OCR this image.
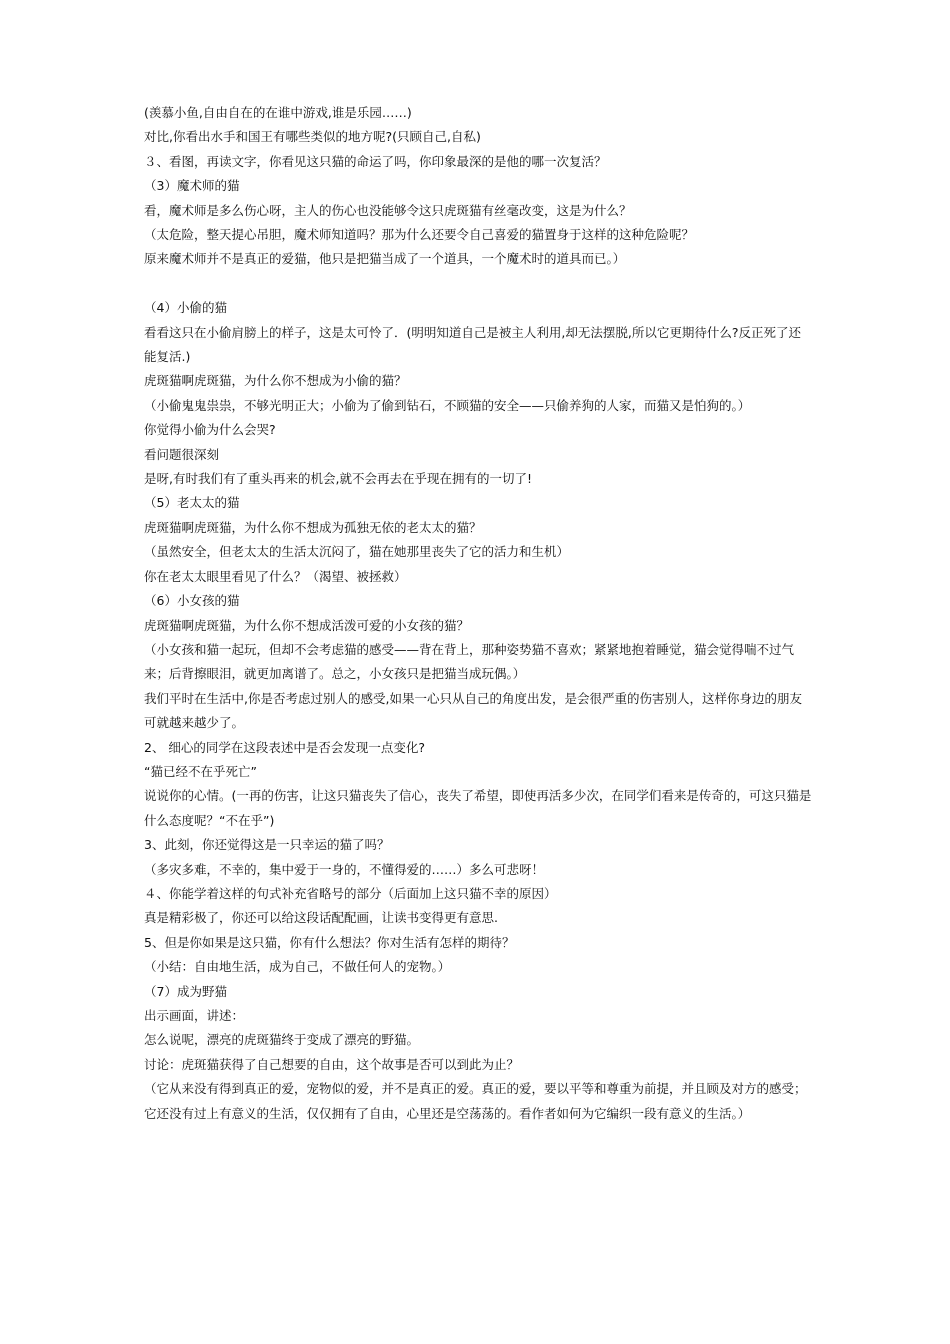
(羡慕小鱼,自由自在的在谁中游戏,谁是乐园……)

对比,你看出水手和国王有哪些类似的地方呢?(只顾自己,自私)

３、看图，再读文字，你看见这只猫的命运了吗，你印象最深的是他的哪一次复活？

（3）魔术师的猫

看，魔术师是多么伤心呀，主人的伤心也没能够令这只虎斑猫有丝毫改变，这是为什么？

（太危险，整天提心吊胆，魔术师知道吗？那为什么还要令自己喜爱的猫置身于这样的这种危险呢？

原来魔术师并不是真正的爱猫，他只是把猫当成了一个道具，一个魔术时的道具而已。）

（4）小偷的猫

看看这只在小偷肩膀上的样子，这是太可怜了．(明明知道自己是被主人利用,却无法摆脱,所以它更期待什么?反正死了还能复活.)

虎斑猫啊虎斑猫，为什么你不想成为小偷的猫？

（小偷鬼鬼祟祟，不够光明正大；小偷为了偷到钻石，不顾猫的安全——只偷养狗的人家，而猫又是怕狗的。）

你觉得小偷为什么会哭?

看问题很深刻

是呀,有时我们有了重头再来的机会,就不会再去在乎现在拥有的一切了!

（5）老太太的猫

虎斑猫啊虎斑猫，为什么你不想成为孤独无依的老太太的猫？

（虽然安全，但老太太的生活太沉闷了，猫在她那里丧失了它的活力和生机）

你在老太太眼里看见了什么？（渴望、被拯救）

（6）小女孩的猫

虎斑猫啊虎斑猫，为什么你不想成活泼可爱的小女孩的猫？

（小女孩和猫一起玩，但却不会考虑猫的感受——背在背上，那种姿势猫不喜欢；紧紧地抱着睡觉，猫会觉得喘不过气来；后背擦眼泪，就更加离谱了。总之，小女孩只是把猫当成玩偶。）

我们平时在生活中,你是否考虑过别人的感受,如果一心只从自己的角度出发，是会很严重的伤害别人，这样你身边的朋友可就越来越少了。

2、 细心的同学在这段表述中是否会发现一点变化?

“猫已经不在乎死亡”

说说你的心情。(一再的伤害，让这只猫丧失了信心，丧失了希望，即使再活多少次，在同学们看来是传奇的，可这只猫是什么态度呢？“不在乎”)

3、此刻，你还觉得这是一只幸运的猫了吗？

（多灾多难，不幸的，集中爱于一身的，不懂得爱的……）多么可悲呀！

４、你能学着这样的句式补充省略号的部分（后面加上这只猫不幸的原因）

真是精彩极了，你还可以给这段话配配画，让读书变得更有意思.

5、但是你如果是这只猫，你有什么想法？你对生活有怎样的期待？

（小结：自由地生活，成为自己，不做任何人的宠物。）

（7）成为野猫

出示画面，讲述：

怎么说呢，漂亮的虎斑猫终于变成了漂亮的野猫。

讨论：虎斑猫获得了自己想要的自由，这个故事是否可以到此为止？

（它从来没有得到真正的爱，宠物似的爱，并不是真正的爱。真正的爱，要以平等和尊重为前提，并且顾及对方的感受；它还没有过上有意义的生活，仅仅拥有了自由，心里还是空荡荡的。看作者如何为它编织一段有意义的生活。）
